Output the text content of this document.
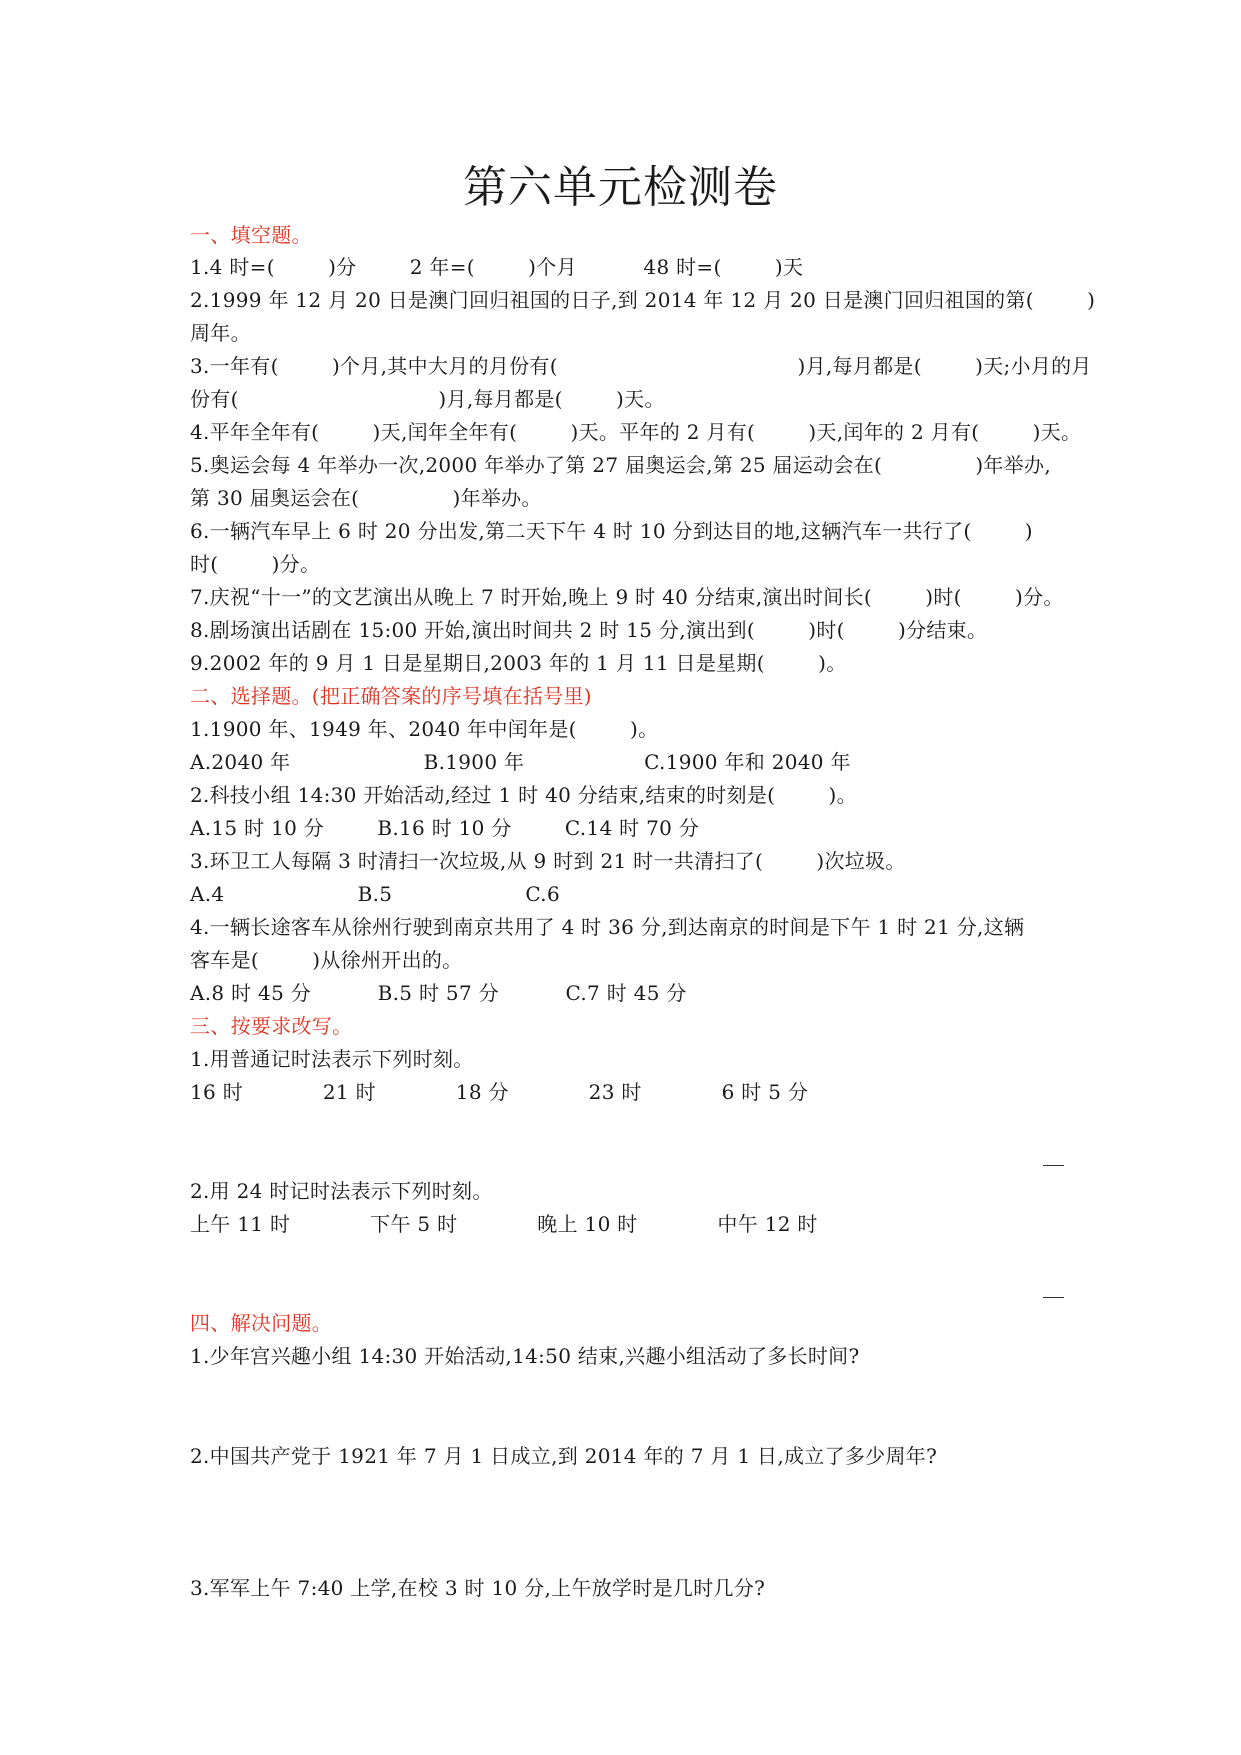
第六单元检测卷
一、填空题。
1.4 时=(        )分        2 年=(        )个月          48 时=(        )天
2.1999 年 12 月 20 日是澳门回归祖国的日子,到 2014 年 12 月 20 日是澳门回归祖国的第(        )
周年。
3.一年有(        )个月,其中大月的月份有(                                    )月,每月都是(        )天;小月的月
份有(                              )月,每月都是(        )天。
4.平年全年有(        )天,闰年全年有(        )天。平年的 2 月有(        )天,闰年的 2 月有(        )天。
5.奥运会每 4 年举办一次,2000 年举办了第 27 届奥运会,第 25 届运动会在(              )年举办,
第 30 届奥运会在(              )年举办。
6.一辆汽车早上 6 时 20 分出发,第二天下午 4 时 10 分到达目的地,这辆汽车一共行了(        )
时(        )分。
7.庆祝“十一”的文艺演出从晚上 7 时开始,晚上 9 时 40 分结束,演出时间长(        )时(        )分。
8.剧场演出话剧在 15:00 开始,演出时间共 2 时 15 分,演出到(        )时(        )分结束。
9.2002 年的 9 月 1 日是星期日,2003 年的 1 月 11 日是星期(        )。
二、选择题。(把正确答案的序号填在括号里)
1.1900 年、1949 年、2040 年中闰年是(        )。
A.2040 年                    B.1900 年                  C.1900 年和 2040 年
2.科技小组 14:30 开始活动,经过 1 时 40 分结束,结束的时刻是(        )。
A.15 时 10 分        B.16 时 10 分        C.14 时 70 分
3.环卫工人每隔 3 时清扫一次垃圾,从 9 时到 21 时一共清扫了(        )次垃圾。
A.4                    B.5                    C.6
4.一辆长途客车从徐州行驶到南京共用了 4 时 36 分,到达南京的时间是下午 1 时 21 分,这辆
客车是(        )从徐州开出的。
A.8 时 45 分          B.5 时 57 分          C.7 时 45 分
三、按要求改写。
1.用普通记时法表示下列时刻。
16 时            21 时            18 分            23 时            6 时 5 分
2.用 24 时记时法表示下列时刻。
上午 11 时            下午 5 时            晚上 10 时            中午 12 时
四、解决问题。
1.少年宫兴趣小组 14:30 开始活动,14:50 结束,兴趣小组活动了多长时间?
2.中国共产党于 1921 年 7 月 1 日成立,到 2014 年的 7 月 1 日,成立了多少周年?
3.军军上午 7:40 上学,在校 3 时 10 分,上午放学时是几时几分?
